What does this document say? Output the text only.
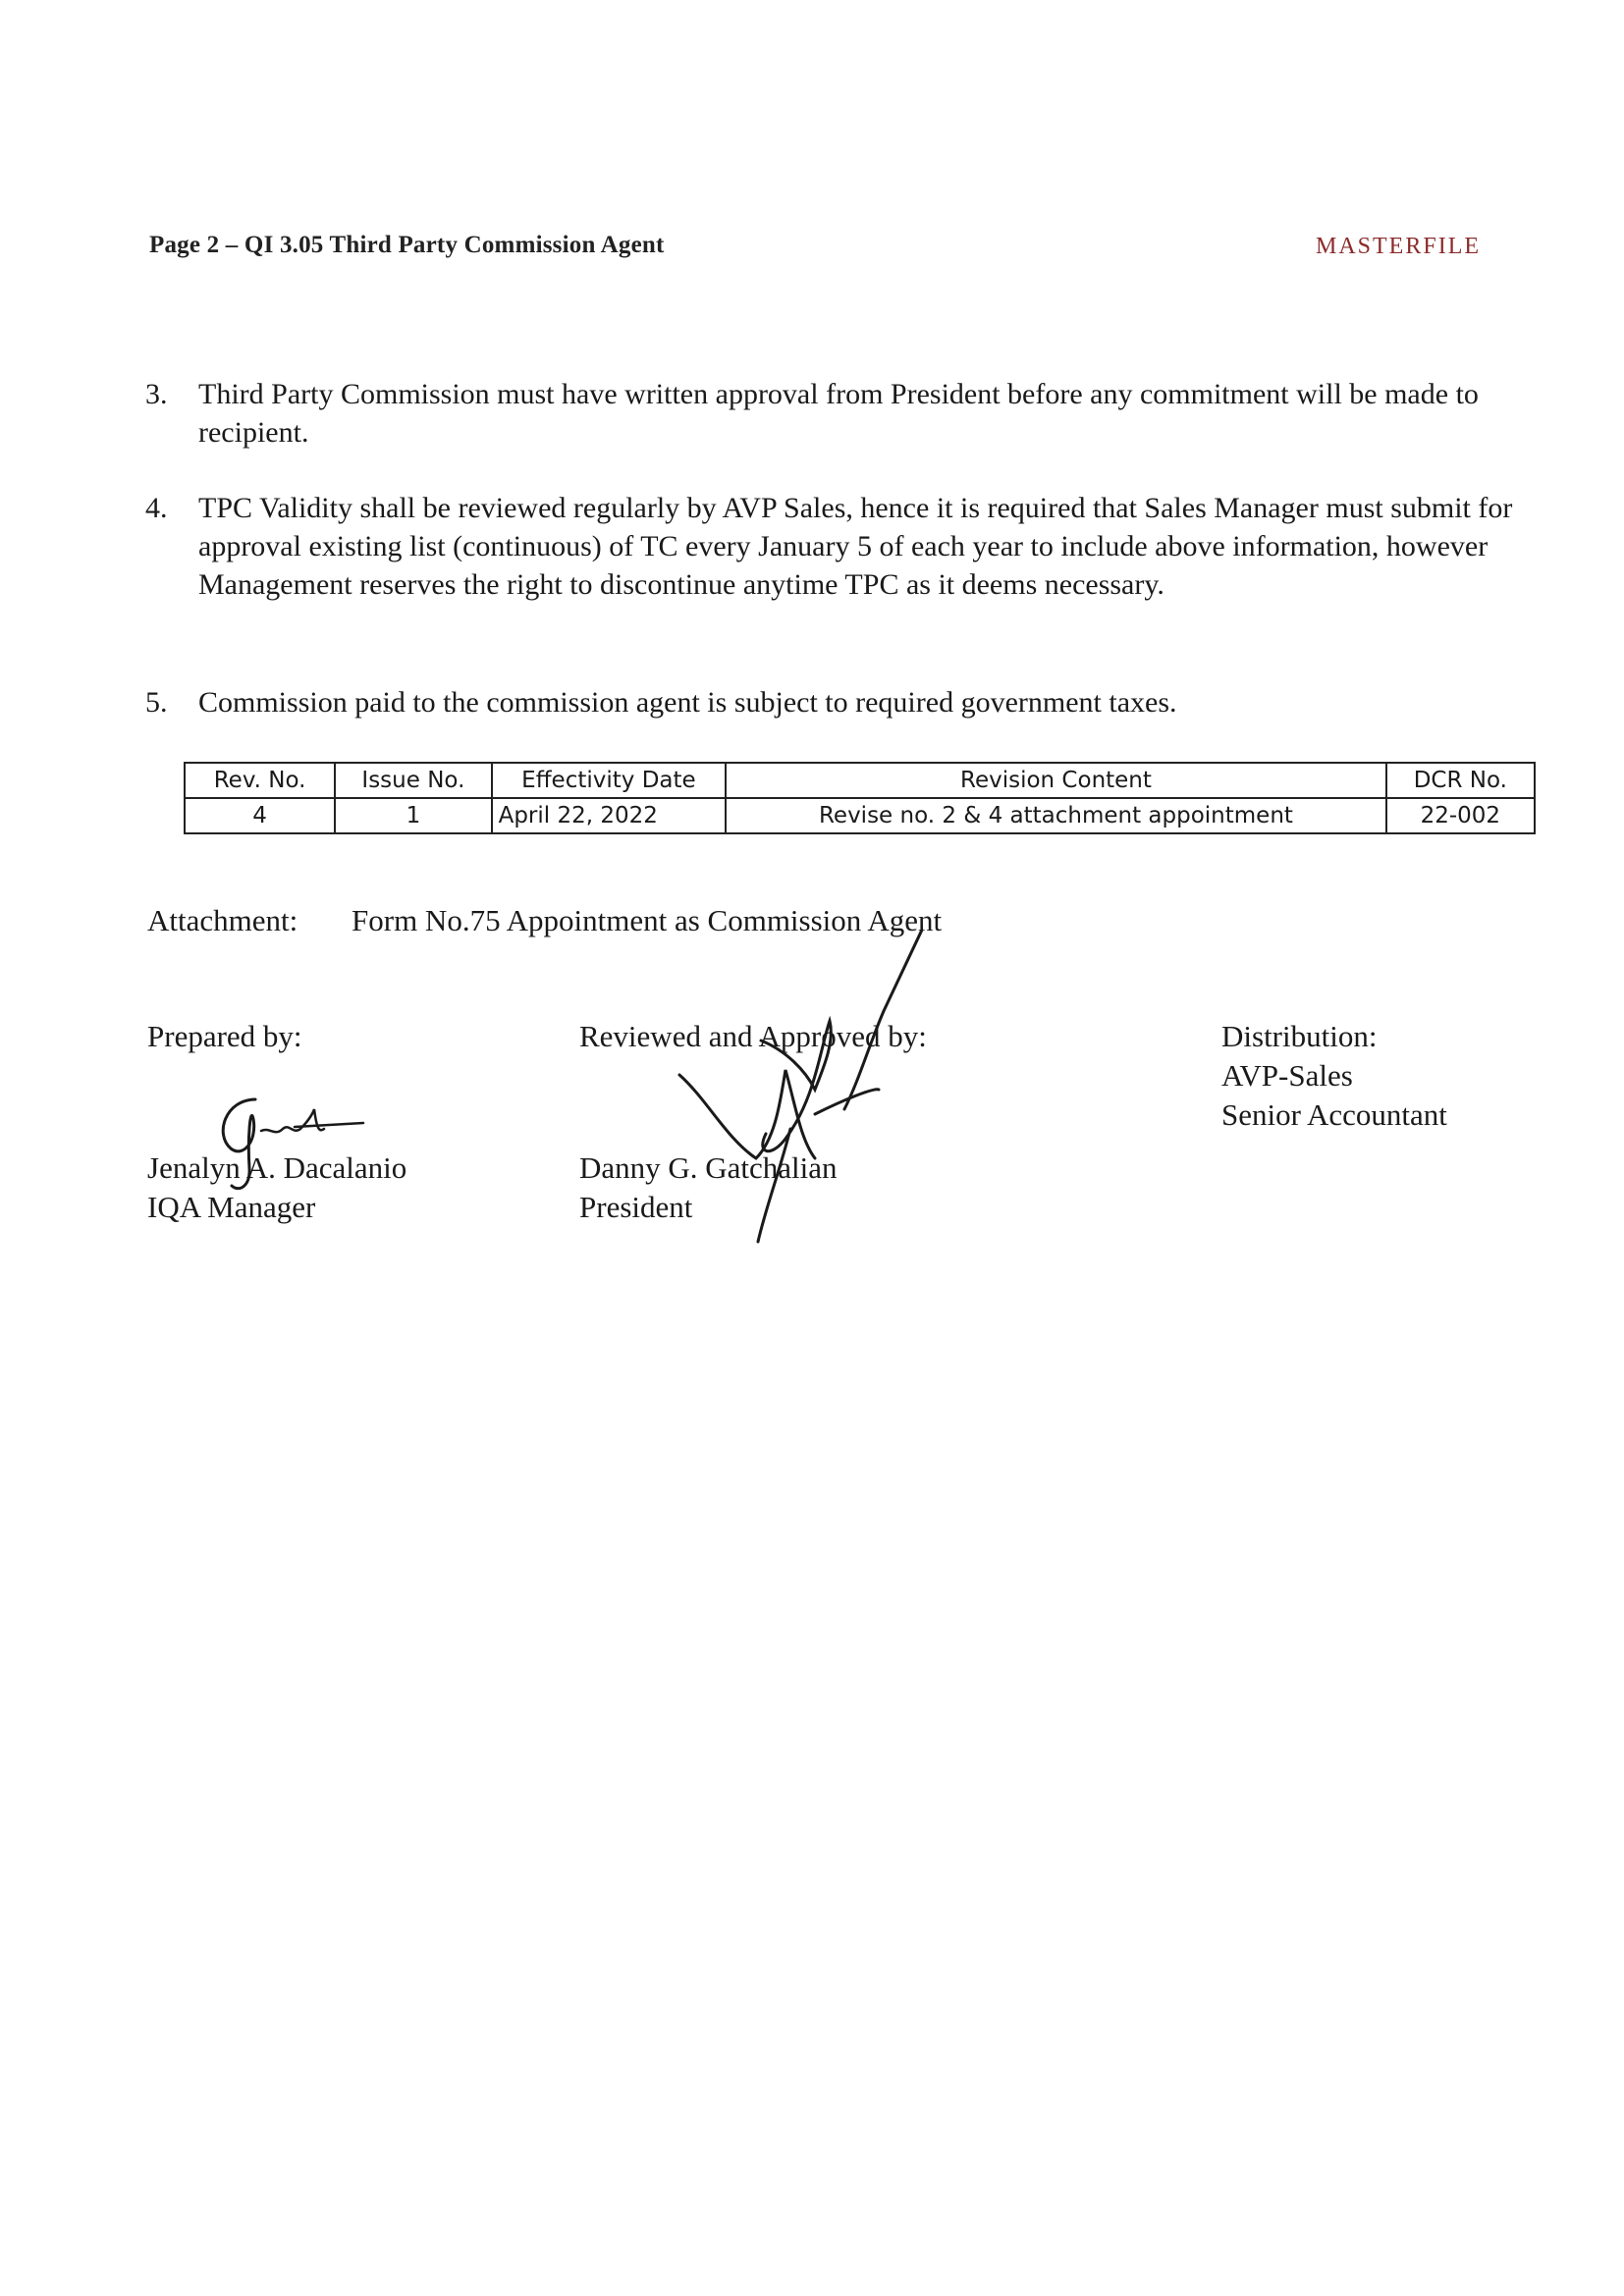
Page 2 – QI 3.05 Third Party Commission Agent	MASTERFILE
3. Third Party Commission must have written approval from President before any commitment will be made to recipient.
4. TPC Validity shall be reviewed regularly by AVP Sales, hence it is required that Sales Manager must submit for approval existing list (continuous) of TC every January 5 of each year to include above information, however Management reserves the right to discontinue anytime TPC as it deems necessary.
5. Commission paid to the commission agent is subject to required government taxes.
Rev. No.	Issue No.	Effectivity Date	Revision Content	DCR No.
4	1	April 22, 2022	Revise no. 2 & 4 attachment appointment	22-002
Attachment: Form No.75 Appointment as Commission Agent
Prepared by:	Reviewed and Approved by:	Distribution:
AVP-Sales
Senior Accountant
Jenalyn A. Dacalanio
IQA Manager
Danny G. Gatchalian
President
